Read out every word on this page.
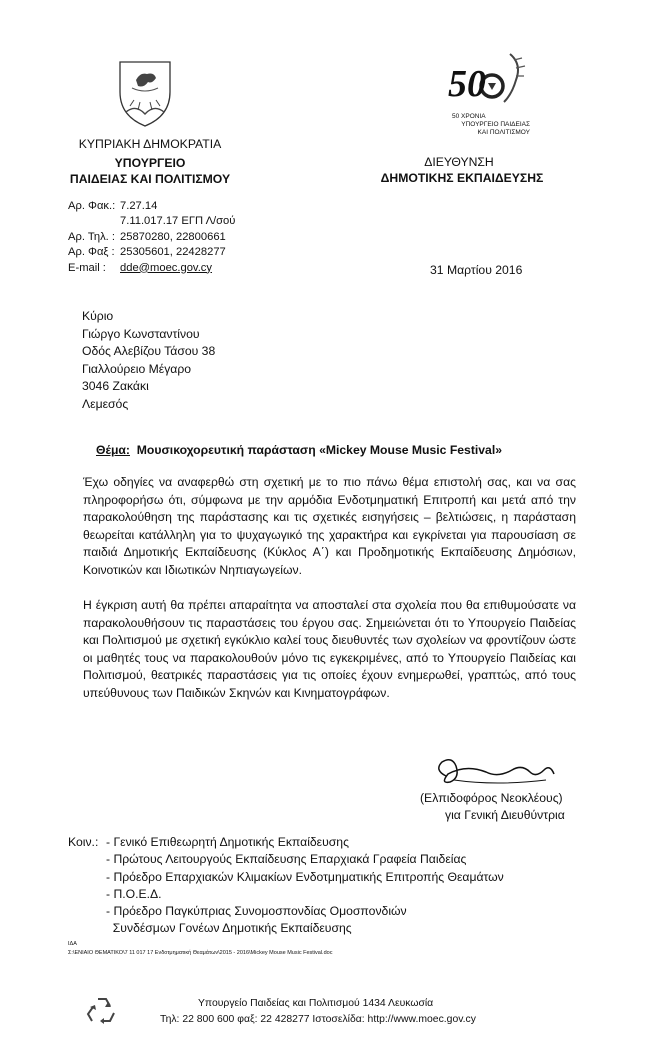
ΚΥΠΡΙΑΚΗ ΔΗΜΟΚΡΑΤΙΑ
ΥΠΟΥΡΓΕΙΟ
ΠΑΙΔΕΙΑΣ ΚΑΙ ΠΟΛΙΤΙΣΜΟΥ
50
50 ΧΡΟΝΙΑ
ΥΠΟΥΡΓΕΙΟ ΠΑΙΔΕΙΑΣ
ΚΑΙ ΠΟΛΙΤΙΣΜΟΥ
ΔΙΕΥΘΥΝΣΗ
ΔΗΜΟΤΙΚΗΣ ΕΚΠΑΙΔΕΥΣΗΣ
Αρ. Φακ.: 7.27.14
7.11.017.17 ΕΓΠ Λ/σού
Αρ. Τηλ. : 25870280, 22800661
Αρ. Φαξ : 25305601, 22428277
E-mail : dde@moec.gov.cy	31 Μαρτίου 2016
Κύριο
Γιώργο Κωνσταντίνου
Οδός Αλεβίζου Τάσου 38
Γιαλλούρειο Μέγαρο
3046 Ζακάκι
Λεμεσός
Θέμα: Μουσικοχορευτική παράσταση «Mickey Mouse Music Festival»
Έχω οδηγίες να αναφερθώ στη σχετική με το πιο πάνω θέμα επιστολή σας, και να σας πληροφορήσω ότι, σύμφωνα με την αρμόδια Ενδοτμηματική Επιτροπή και μετά από την παρακολούθηση της παράστασης και τις σχετικές εισηγήσεις – βελτιώσεις, η παράσταση θεωρείται κατάλληλη για το ψυχαγωγικό της χαρακτήρα και εγκρίνεται για παρουσίαση σε παιδιά Δημοτικής Εκπαίδευσης (Κύκλος Α΄) και Προδημοτικής Εκπαίδευσης Δημόσιων, Κοινοτικών και Ιδιωτικών Νηπιαγωγείων.
Η έγκριση αυτή θα πρέπει απαραίτητα να αποσταλεί στα σχολεία που θα επιθυμούσατε να παρακολουθήσουν τις παραστάσεις του έργου σας. Σημειώνεται ότι το Υπουργείο Παιδείας και Πολιτισμού με σχετική εγκύκλιο καλεί τους διευθυντές των σχολείων να φροντίζουν ώστε οι μαθητές τους να παρακολουθούν μόνο τις εγκεκριμένες, από το Υπουργείο Παιδείας και Πολιτισμού, θεατρικές παραστάσεις για τις οποίες έχουν ενημερωθεί, γραπτώς, από τους υπεύθυνους των Παιδικών Σκηνών και Κινηματογράφων.
(Ελπιδοφόρος Νεοκλέους)
για Γενική Διευθύντρια
Κοιν.: - Γενικό Επιθεωρητή Δημοτικής Εκπαίδευσης
- Πρώτους Λειτουργούς Εκπαίδευσης Επαρχιακά Γραφεία Παιδείας
- Πρόεδρο Επαρχιακών Κλιμακίων Ενδοτμηματικής Επιτροπής Θεαμάτων
- Π.Ο.Ε.Δ.
- Πρόεδρο Παγκύπριας Συνομοσπονδίας Ομοσπονδιών
Συνδέσμων Γονέων Δημοτικής Εκπαίδευσης
ΙΔΑ
Σ:\ΕΝΙΑΙΟ ΘΕΜΑΤΙΚΟ\7 11 017 17 Ενδοτμηματική Θεαμάτων\2015 - 2016\Mickey Mouse Music Festival.doc
Υπουργείο Παιδείας και Πολιτισμού 1434 Λευκωσία
Τηλ: 22 800 600 φαξ: 22 428277 Ιστοσελίδα: http://www.moec.gov.cy
